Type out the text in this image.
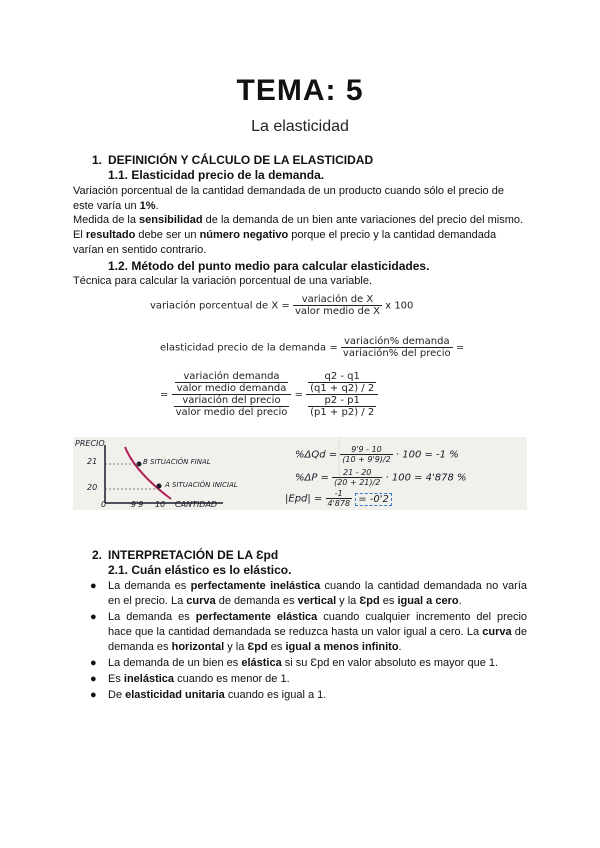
TEMA: 5
La elasticidad
1. DEFINICIÓN Y CÁLCULO DE LA ELASTICIDAD
1.1. Elasticidad precio de la demanda.
Variación porcentual de la cantidad demandada de un producto cuando sólo el precio de
este varía un 1%.
Medida de la sensibilidad de la demanda de un bien ante variaciones del precio del mismo.
El resultado debe ser un número negativo porque el precio y la cantidad demandada
varían en sentido contrario.
1.2. Método del punto medio para calcular elasticidades.
Técnica para calcular la variación porcentual de una variable.
variación porcentual de $X = \frac{\text{variación de X}}{\text{valor medio de X}}$ x 100
elasticidad precio de la demanda = $\frac{\text{variación\% demanda}}{\text{variación\% del precio}}$ =
= $\frac{\frac{\text{variación demanda}}{\text{valor medio demanda}}}{\frac{\text{variación del precio}}{\text{valor medio del precio}}} = \frac{\frac{q2 - q1}{(q1 + q2) / 2}}{\frac{p2 - p1}{(p1 + p2) / 2}}$
PRECIO
21
20
B SITUACIÓN FINAL
A SITUACIÓN INICIAL
0	9'9 10 CANTIDAD
$\%\Delta Qd = \frac{9'9 - 10}{(10 + 9'9)/2} \cdot 100 = -1$ %
$\%\Delta P = \frac{21 - 20}{(20 + 21)/2} \cdot 100 = 4'878$ %
$|Epd| = \frac{-1}{4'878} = -0'2$
2. INTERPRETACIÓN DE LA Ɛpd
2.1. Cuán elástico es lo elástico.
● La demanda es perfectamente inelástica cuando la cantidad demandada no varía en el precio. La curva de demanda es vertical y la Ɛpd es igual a cero.
● La demanda es perfectamente elástica cuando cualquier incremento del precio hace que la cantidad demandada se reduzca hasta un valor igual a cero. La curva de demanda es horizontal y la Ɛpd es igual a menos infinito.
● La demanda de un bien es elástica si su Ɛpd en valor absoluto es mayor que 1.
● Es inelástica cuando es menor de 1.
● De elasticidad unitaria cuando es igual a 1.
